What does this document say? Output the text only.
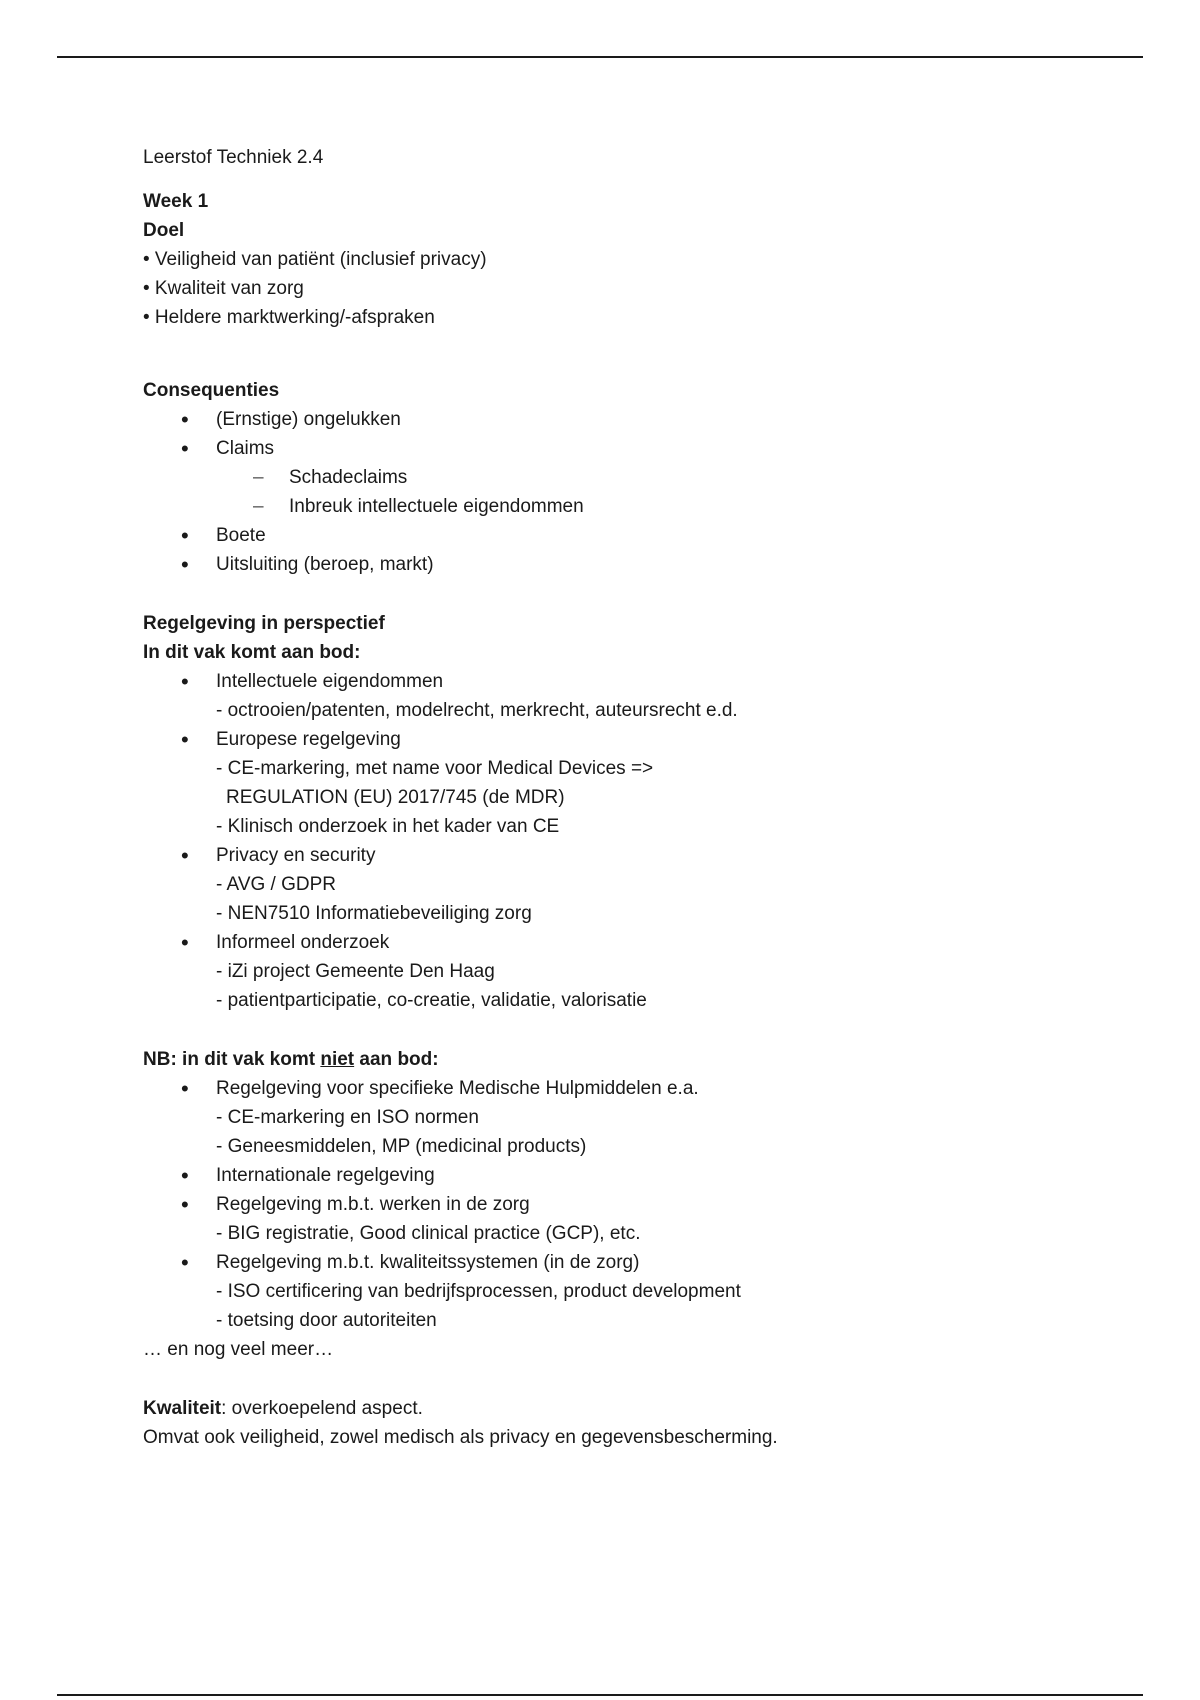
Leerstof Techniek 2.4
Week 1
Doel
• Veiligheid van patiënt (inclusief privacy)
• Kwaliteit van zorg
• Heldere marktwerking/-afspraken
Consequenties
• (Ernstige) ongelukken
• Claims
– Schadeclaims
– Inbreuk intellectuele eigendommen
• Boete
• Uitsluiting (beroep, markt)
Regelgeving in perspectief
In dit vak komt aan bod:
• Intellectuele eigendommen
- octrooien/patenten, modelrecht, merkrecht, auteursrecht e.d.
• Europese regelgeving
- CE-markering, met name voor Medical Devices =>
REGULATION (EU) 2017/745 (de MDR)
- Klinisch onderzoek in het kader van CE
• Privacy en security
- AVG / GDPR
- NEN7510 Informatiebeveiliging zorg
• Informeel onderzoek
- iZi project Gemeente Den Haag
- patientparticipatie, co-creatie, validatie, valorisatie
NB: in dit vak komt niet aan bod:
• Regelgeving voor specifieke Medische Hulpmiddelen e.a.
- CE-markering en ISO normen
- Geneesmiddelen, MP (medicinal products)
• Internationale regelgeving
• Regelgeving m.b.t. werken in de zorg
- BIG registratie, Good clinical practice (GCP), etc.
• Regelgeving m.b.t. kwaliteitssystemen (in de zorg)
- ISO certificering van bedrijfsprocessen, product development
- toetsing door autoriteiten
… en nog veel meer…
Kwaliteit: overkoepelend aspect.
Omvat ook veiligheid, zowel medisch als privacy en gegevensbescherming.
